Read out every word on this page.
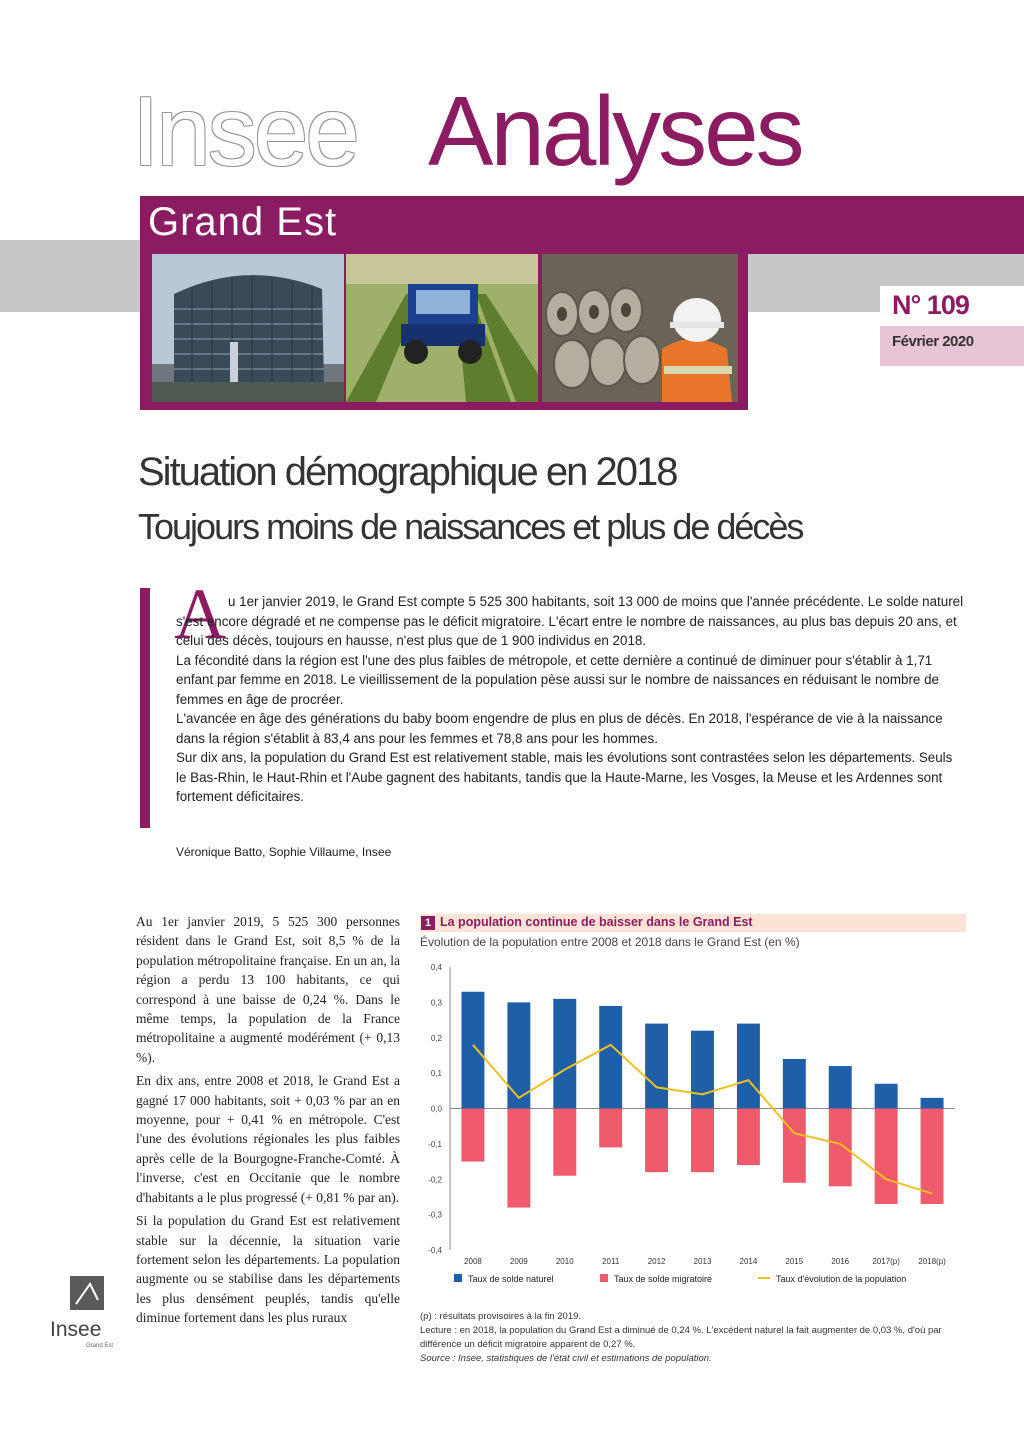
Insee Analyses
Grand Est
N° 109
Février 2020
Situation démographique en 2018
Toujours moins de naissances et plus de décès
A u 1er janvier 2019, le Grand Est compte 5 525 300 habitants, soit 13 000 de moins que l'année précédente. Le solde naturel s'est encore dégradé et ne compense pas le déficit migratoire. L'écart entre le nombre de naissances, au plus bas depuis 20 ans, et celui des décès, toujours en hausse, n'est plus que de 1 900 individus en 2018.

La fécondité dans la région est l'une des plus faibles de métropole, et cette dernière a continué de diminuer pour s'établir à 1,71 enfant par femme en 2018. Le vieillissement de la population pèse aussi sur le nombre de naissances en réduisant le nombre de femmes en âge de procréer.

L'avancée en âge des générations du baby boom engendre de plus en plus de décès. En 2018, l'espérance de vie à la naissance dans la région s'établit à 83,4 ans pour les femmes et 78,8 ans pour les hommes.

Sur dix ans, la population du Grand Est est relativement stable, mais les évolutions sont contrastées selon les départements. Seuls le Bas-Rhin, le Haut-Rhin et l'Aube gagnent des habitants, tandis que la Haute-Marne, les Vosges, la Meuse et les Ardennes sont fortement déficitaires.

Véronique Batto, Sophie Villaume, Insee

Au 1er janvier 2019, 5 525 300 personnes résident dans le Grand Est, soit 8,5 % de la population métropolitaine française. En un an, la région a perdu 13 100 habitants, ce qui correspond à une baisse de 0,24 %. Dans le même temps, la population de la France métropolitaine a augmenté modérément (+ 0,13 %).

En dix ans, entre 2008 et 2018, le Grand Est a gagné 17 000 habitants, soit + 0,03 % par an en moyenne, pour + 0,41 % en métropole. C'est l'une des évolutions régionales les plus faibles après celle de la Bourgogne-Franche-Comté. À l'inverse, c'est en Occitanie que le nombre d'habitants a le plus progressé (+ 0,81 % par an).

Si la population du Grand Est est relativement stable sur la décennie, la situation varie fortement selon les départements. La population augmente ou se stabilise dans les départements les plus densément peuplés, tandis qu'elle diminue fortement dans les plus ruraux

Insee
Grand Est
1 La population continue de baisser dans le Grand Est
Évolution de la population entre 2008 et 2018 dans le Grand Est (en %)
0,4
0,3
0,2
0,1
0,0
-0,1
-0,2
-0,3
-0,4
2008	2009	2010	2011	2012	2013	2014	2015	2016	2017(p) 2018(p)
Taux de solde naturel	Taux de solde migratoire	Taux d'évolution de la population
(p) : résultats provisoires à la fin 2019.
Lecture : en 2018, la population du Grand Est a diminué de 0,24 %. L'excédent naturel la fait augmenter de 0,03 %, d'où par différence un déficit migratoire apparent de 0,27 %.
Source : Insee, statistiques de l'état civil et estimations de population.
